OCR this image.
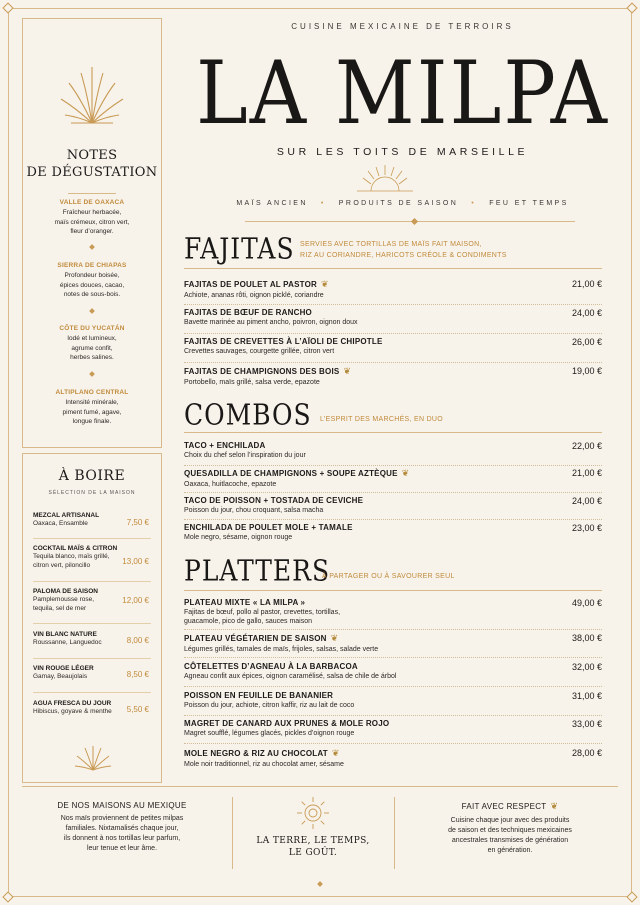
NOTES
DE DÉGUSTATION
VALLE DE OAXACA
Fraîcheur herbacée,
maïs crémeux, citron vert,
fleur d’oranger.
SIERRA DE CHIAPAS
Profondeur boisée,
épices douces, cacao,
notes de sous-bois.
CÔTE DU YUCATÁN
Iodé et lumineux,
agrume confit,
herbes salines.
ALTIPLANO CENTRAL
Intensité minérale,
piment fumé, agave,
longue finale.
À BOIRE
SÉLECTION DE LA MAISON
MEZCAL ARTISANAL
Oaxaca, Ensamble	7,50 €
COCKTAIL MAÏS & CITRON
Tequila blanco, maïs grillé,
citron vert, piloncillo	13,00 €
PALOMA DE SAISON
Pamplemousse rose,
tequila, sel de mer
12,00 €
VIN BLANC NATURE
Roussanne, Languedoc	8,00 €
VIN ROUGE LÉGER
Gamay, Beaujolais	8,50 €
AGUA FRESCA DU JOUR
Hibiscus, goyave & menthe	5,50 €
CUISINE MEXICAINE DE TERROIRS
LA MILPA
SUR LES TOITS DE MARSEILLE
MAÏS ANCIEN   •   PRODUITS DE SAISON   •   FEU ET TEMPS
FAJITAS SERVIES AVEC TORTILLAS DE MAÏS FAIT MAISON,
RIZ AU CORIANDRE, HARICOTS CRÉOLE & CONDIMENTS
FAJITAS DE POULET AL PASTOR ❦
Achiote, ananas rôti, oignon picklé, coriandre
21,00 €
FAJITAS DE BŒUF DE RANCHO
Bavette marinée au piment ancho, poivron, oignon doux
24,00 €
FAJITAS DE CREVETTES À L’AÏOLI DE CHIPOTLE
Crevettes sauvages, courgette grillée, citron vert
26,00 €
FAJITAS DE CHAMPIGNONS DES BOIS ❦
Portobello, maïs grillé, salsa verde, epazote
19,00 €
COMBOS L’ESPRIT DES MARCHÉS, EN DUO
TACO + ENCHILADA
Choix du chef selon l’inspiration du jour
22,00 €
QUESADILLA DE CHAMPIGNONS + SOUPE AZTÈQUE ❦
Oaxaca, huitlacoche, epazote
21,00 €
TACO DE POISSON + TOSTADA DE CEVICHE
Poisson du jour, chou croquant, salsa macha
24,00 €
ENCHILADA DE POULET MOLE + TAMALE
Mole negro, sésame, oignon rouge
23,00 €
PLATTERS
À PARTAGER OU À SAVOURER SEUL
PLATEAU MIXTE « LA MILPA »
Fajitas de bœuf, pollo al pastor, crevettes, tortillas,
guacamole, pico de gallo, sauces maison
49,00 €
PLATEAU VÉGÉTARIEN DE SAISON ❦
Légumes grillés, tamales de maïs, frijoles, salsas, salade verte
38,00 €
CÔTELETTES D’AGNEAU À LA BARBACOA
Agneau confit aux épices, oignon caramélisé, salsa de chile de árbol
32,00 €
POISSON EN FEUILLE DE BANANIER
Poisson du jour, achiote, citron kaffir, riz au lait de coco
31,00 €
MAGRET DE CANARD AUX PRUNES & MOLE ROJO
Magret soufflé, légumes glacés, pickles d’oignon rouge
33,00 €
MOLE NEGRO & RIZ AU CHOCOLAT ❦
Mole noir traditionnel, riz au chocolat amer, sésame
28,00 €
DE NOS MAISONS AU MEXIQUE
Nos maïs proviennent de petites milpas
familiales. Nixtamalisés chaque jour,
ils donnent à nos tortillas leur parfum,
leur tenue et leur âme.
LA TERRE, LE TEMPS,
LE GOÛT.
FAIT AVEC RESPECT ❦
Cuisine chaque jour avec des produits
de saison et des techniques mexicaines
ancestrales transmises de génération
en génération.
